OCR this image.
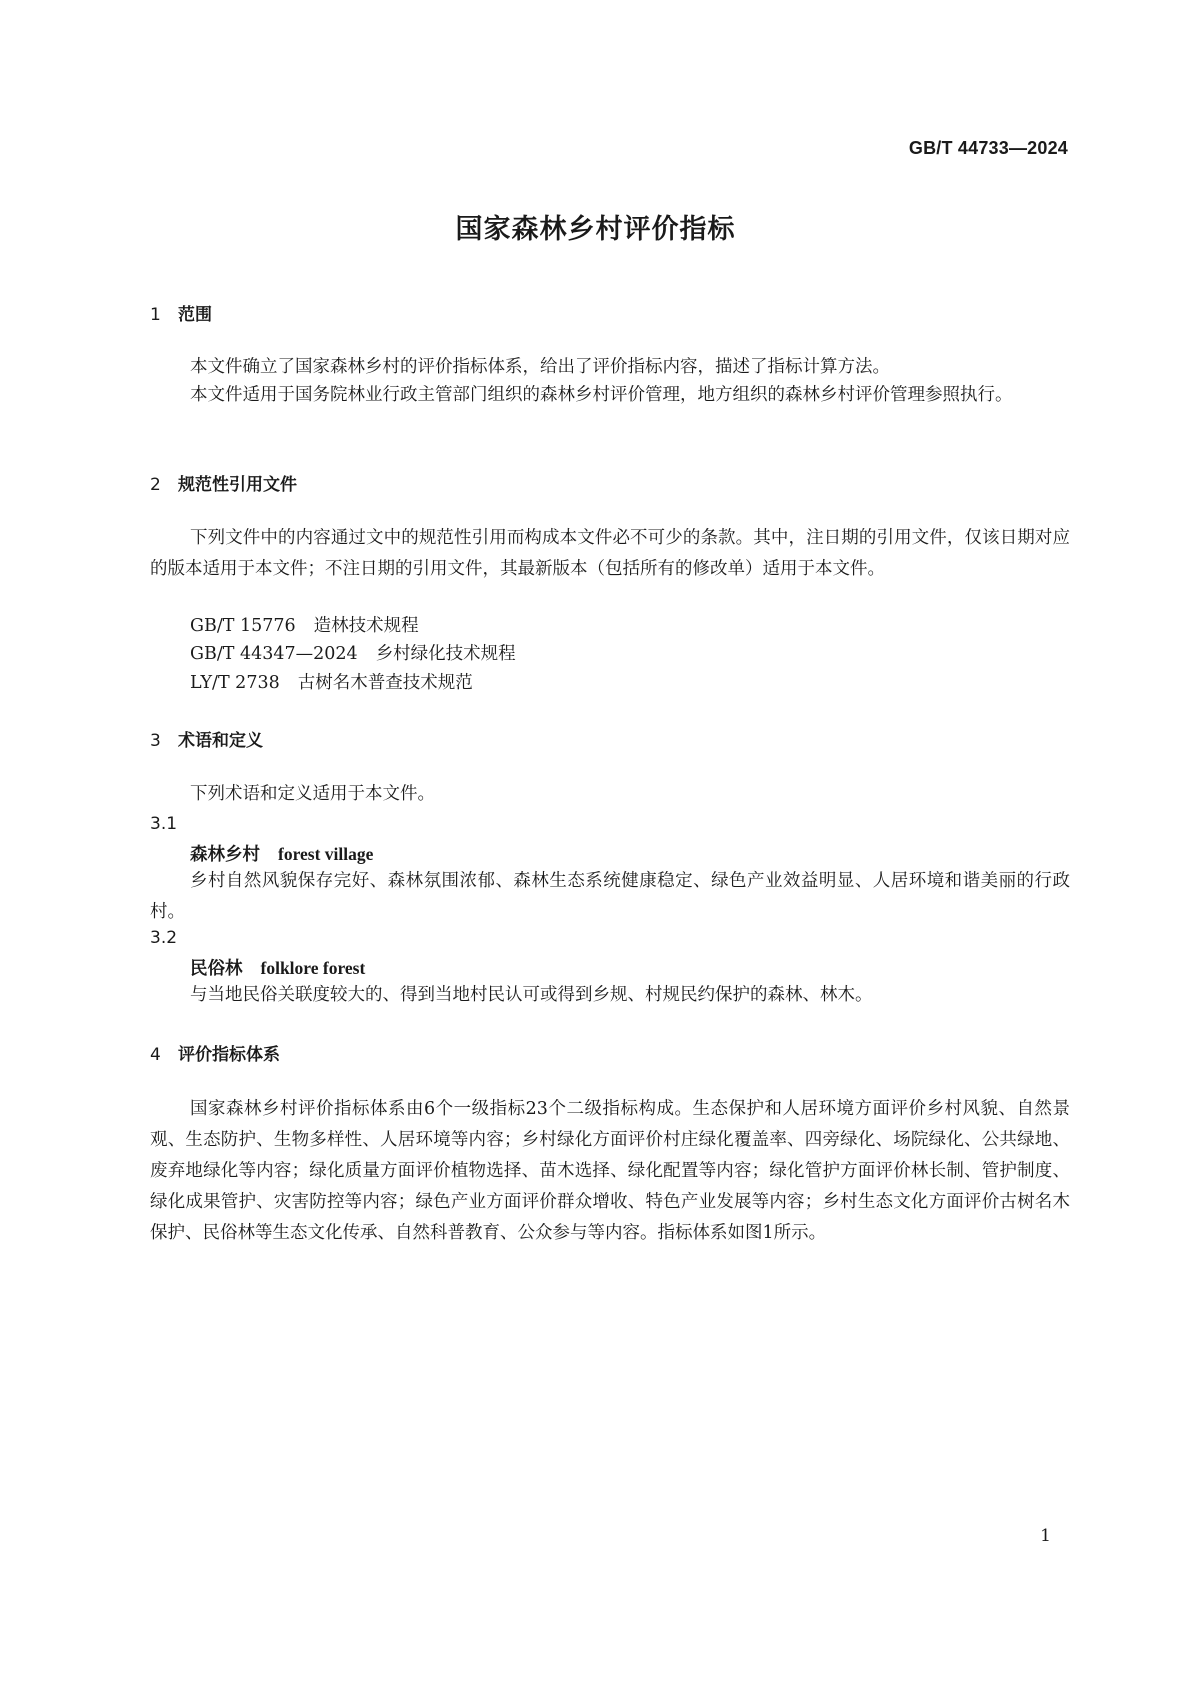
GB/T 44733—2024
国家森林乡村评价指标
1 范围
本文件确立了国家森林乡村的评价指标体系，给出了评价指标内容，描述了指标计算方法。
本文件适用于国务院林业行政主管部门组织的森林乡村评价管理，地方组织的森林乡村评价管理参照执行。
2 规范性引用文件
下列文件中的内容通过文中的规范性引用而构成本文件必不可少的条款。其中，注日期的引用文件，仅该日期对应的版本适用于本文件；不注日期的引用文件，其最新版本（包括所有的修改单）适用于本文件。
GB/T 15776 造林技术规程
GB/T 44347—2024 乡村绿化技术规程
LY/T 2738 古树名木普查技术规范
3 术语和定义
下列术语和定义适用于本文件。
3.1
森林乡村 forest village
乡村自然风貌保存完好、森林氛围浓郁、森林生态系统健康稳定、绿色产业效益明显、人居环境和谐美丽的行政村。
3.2
民俗林 folklore forest
与当地民俗关联度较大的、得到当地村民认可或得到乡规、村规民约保护的森林、林木。
4 评价指标体系
国家森林乡村评价指标体系由6个一级指标23个二级指标构成。生态保护和人居环境方面评价乡村风貌、自然景观、生态防护、生物多样性、人居环境等内容；乡村绿化方面评价村庄绿化覆盖率、四旁绿化、场院绿化、公共绿地、废弃地绿化等内容；绿化质量方面评价植物选择、苗木选择、绿化配置等内容；绿化管护方面评价林长制、管护制度、绿化成果管护、灾害防控等内容；绿色产业方面评价群众增收、特色产业发展等内容；乡村生态文化方面评价古树名木保护、民俗林等生态文化传承、自然科普教育、公众参与等内容。指标体系如图1所示。
1
